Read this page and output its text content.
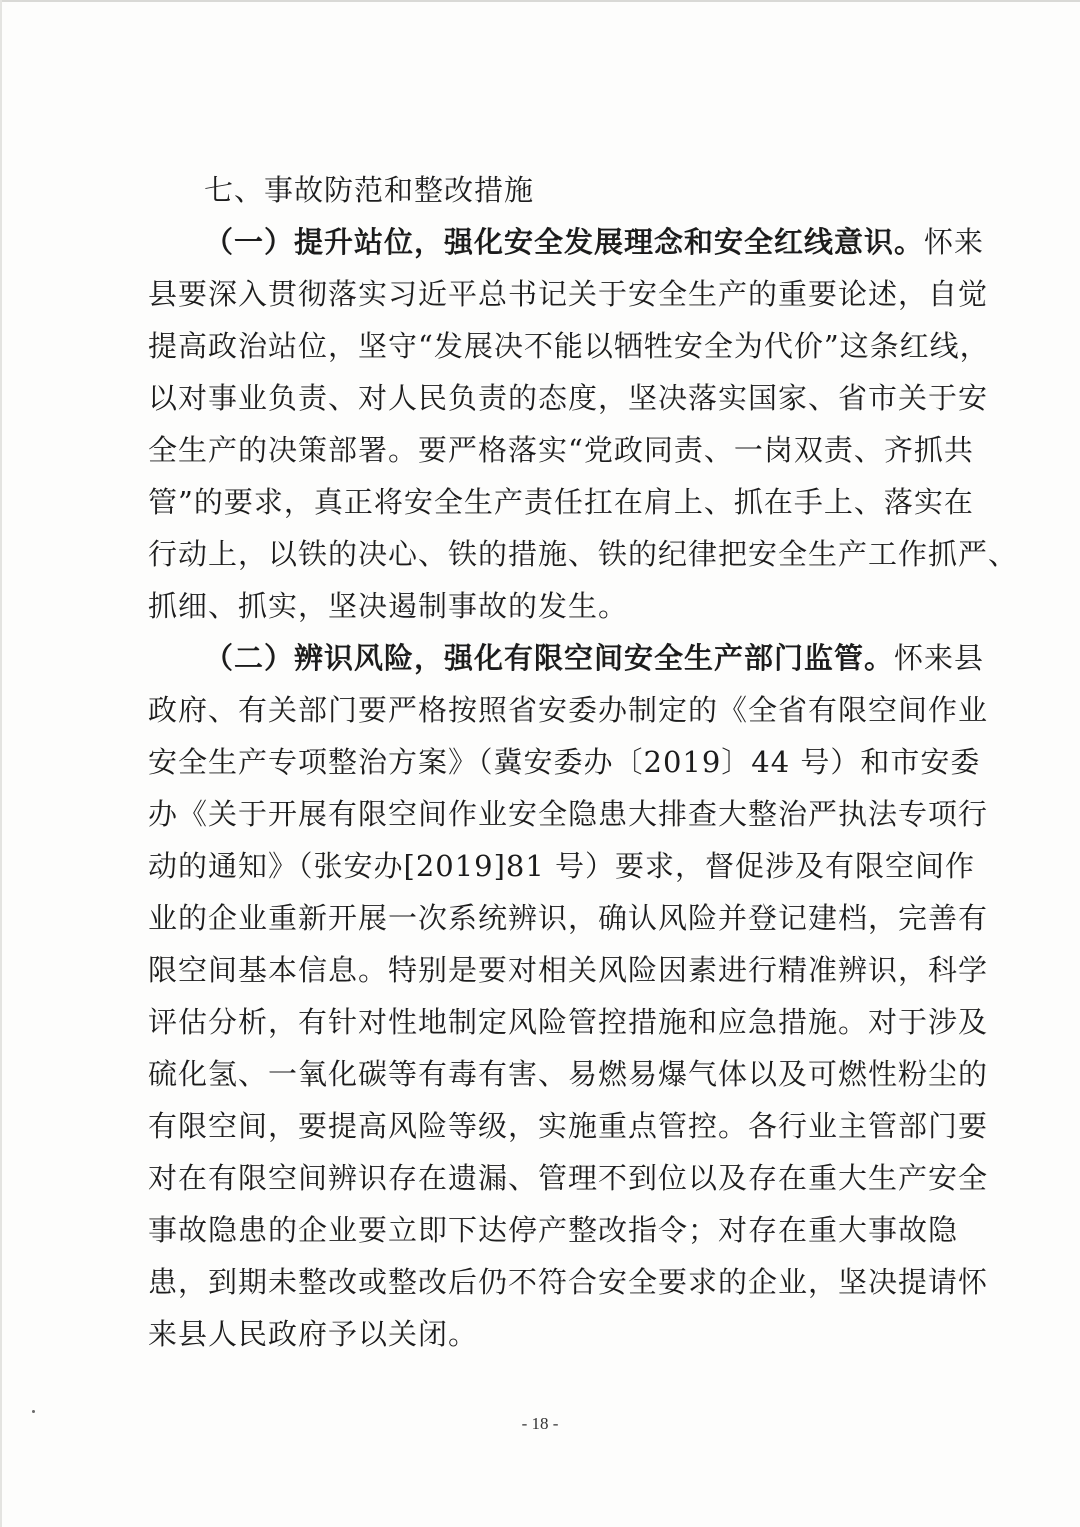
七、事故防范和整改措施

（一）提升站位，强化安全发展理念和安全红线意识。怀来
县要深入贯彻落实习近平总书记关于安全生产的重要论述，自觉
提高政治站位，坚守“发展决不能以牺牲安全为代价”这条红线，
以对事业负责、对人民负责的态度，坚决落实国家、省市关于安
全生产的决策部署。要严格落实“党政同责、一岗双责、齐抓共
管”的要求，真正将安全生产责任扛在肩上、抓在手上、落实在
行动上，以铁的决心、铁的措施、铁的纪律把安全生产工作抓严、
抓细、抓实，坚决遏制事故的发生。

（二）辨识风险，强化有限空间安全生产部门监管。怀来县
政府、有关部门要严格按照省安委办制定的《全省有限空间作业
安全生产专项整治方案》（冀安委办〔2019〕44 号）和市安委
办《关于开展有限空间作业安全隐患大排查大整治严执法专项行
动的通知》（张安办[2019]81 号）要求，督促涉及有限空间作
业的企业重新开展一次系统辨识，确认风险并登记建档，完善有
限空间基本信息。特别是要对相关风险因素进行精准辨识，科学
评估分析，有针对性地制定风险管控措施和应急措施。对于涉及
硫化氢、一氧化碳等有毒有害、易燃易爆气体以及可燃性粉尘的
有限空间，要提高风险等级，实施重点管控。各行业主管部门要
对在有限空间辨识存在遗漏、管理不到位以及存在重大生产安全
事故隐患的企业要立即下达停产整改指令；对存在重大事故隐
患，到期未整改或整改后仍不符合安全要求的企业，坚决提请怀
来县人民政府予以关闭。

- 18 -
